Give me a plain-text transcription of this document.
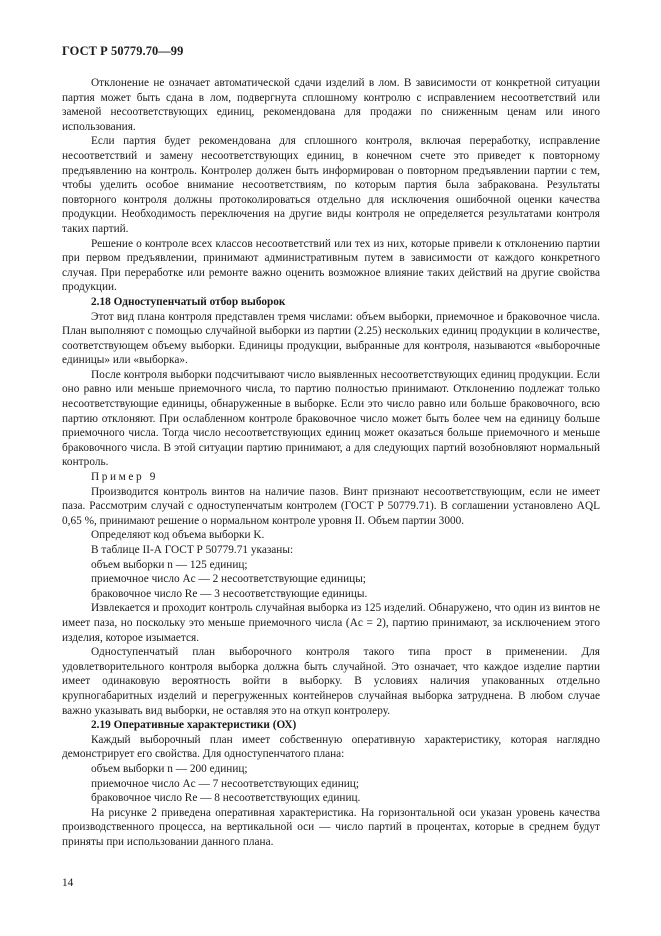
ГОСТ Р 50779.70—99

Отклонение не означает автоматической сдачи изделий в лом. В зависимости от конкретной ситуации партия может быть сдана в лом, подвергнута сплошному контролю с исправлением несоответствий или заменой несоответствующих единиц, рекомендована для продажи по сниженным ценам или иного использования.

Если партия будет рекомендована для сплошного контроля, включая переработку, исправление несоответствий и замену несоответствующих единиц, в конечном счете это приведет к повторному предъявлению на контроль. Контролер должен быть информирован о повторном предъявлении партии с тем, чтобы уделить особое внимание несоответствиям, по которым партия была забракована. Результаты повторного контроля должны протоколироваться отдельно для исключения ошибочной оценки качества продукции. Необходимость переключения на другие виды контроля не определяется результатами контроля таких партий.

Решение о контроле всех классов несоответствий или тех из них, которые привели к отклонению партии при первом предъявлении, принимают административным путем в зависимости от каждого конкретного случая. При переработке или ремонте важно оценить возможное влияние таких действий на другие свойства продукции.

2.18 Одноступенчатый отбор выборок

Этот вид плана контроля представлен тремя числами: объем выборки, приемочное и браковочное числа. План выполняют с помощью случайной выборки из партии (2.25) нескольких единиц продукции в количестве, соответствующем объему выборки. Единицы продукции, выбранные для контроля, называются «выборочные единицы» или «выборка».

После контроля выборки подсчитывают число выявленных несоответствующих единиц продукции. Если оно равно или меньше приемочного числа, то партию полностью принимают. Отклонению подлежат только несоответствующие единицы, обнаруженные в выборке. Если это число равно или больше браковочного, всю партию отклоняют. При ослабленном контроле браковочное число может быть более чем на единицу больше приемочного числа. Тогда число несоответствующих единиц может оказаться больше приемочного и меньше браковочного числа. В этой ситуации партию принимают, а для следующих партий возобновляют нормальный контроль.

Пример 9

Производится контроль винтов на наличие пазов. Винт признают несоответствующим, если не имеет паза. Рассмотрим случай с одноступенчатым контролем (ГОСТ Р 50779.71). В соглашении установлено AQL 0,65 %, принимают решение о нормальном контроле уровня II. Объем партии 3000.

Определяют код объема выборки K.

В таблице II-А ГОСТ Р 50779.71 указаны:

объем выборки n — 125 единиц;

приемочное число Ac — 2 несоответствующие единицы;

браковочное число Re — 3 несоответствующие единицы.

Извлекается и проходит контроль случайная выборка из 125 изделий. Обнаружено, что один из винтов не имеет паза, но поскольку это меньше приемочного числа (Ac = 2), партию принимают, за исключением этого изделия, которое изымается.

Одноступенчатый план выборочного контроля такого типа прост в применении. Для удовлетворительного контроля выборка должна быть случайной. Это означает, что каждое изделие партии имеет одинаковую вероятность войти в выборку. В условиях наличия упакованных отдельно крупногабаритных изделий и перегруженных контейнеров случайная выборка затруднена. В любом случае важно указывать вид выборки, не оставляя это на откуп контролеру.

2.19 Оперативные характеристики (ОХ)

Каждый выборочный план имеет собственную оперативную характеристику, которая наглядно демонстрирует его свойства. Для одноступенчатого плана:

объем выборки n — 200 единиц;

приемочное число Ac — 7 несоответствующих единиц;

браковочное число Re — 8 несоответствующих единиц.

На рисунке 2 приведена оперативная характеристика. На горизонтальной оси указан уровень качества производственного процесса, на вертикальной оси — число партий в процентах, которые в среднем будут приняты при использовании данного плана.

14
